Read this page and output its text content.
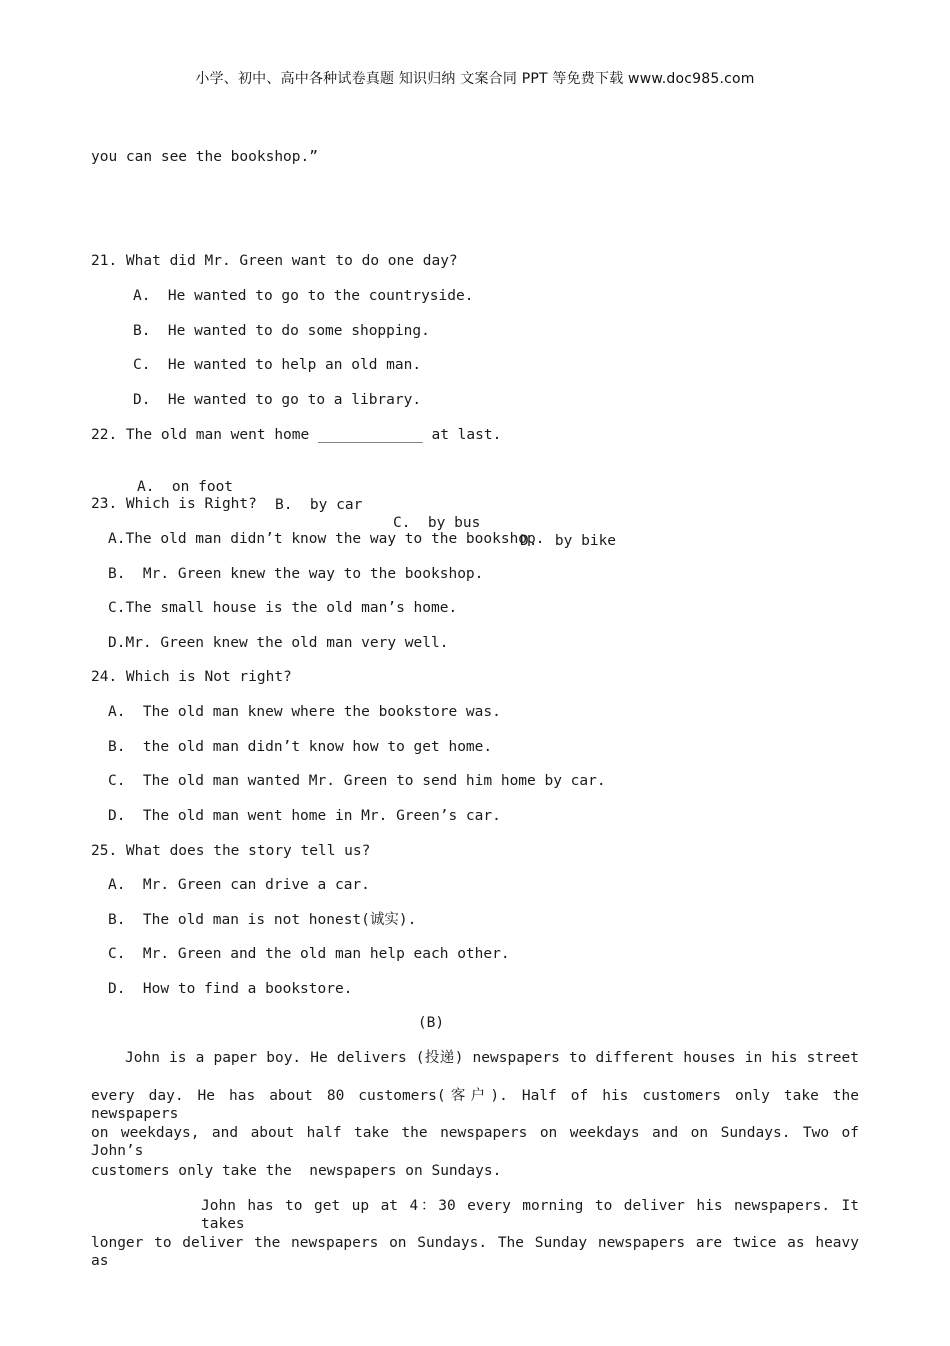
小学、初中、高中各种试卷真题 知识归纳 文案合同 PPT 等免费下载 www.doc985.com
you can see the bookshop.”
21. What did Mr. Green want to do one day?
A.  He wanted to go to the countryside.
B.  He wanted to do some shopping.
C.  He wanted to help an old man.
D.  He wanted to go to a library.
22. The old man went home ____________ at last.

A.  on foot

B.  by car

C.  by bus

D.  by bike

23. Which is Right?
A.The old man didn’t know the way to the bookshop.
B.  Mr. Green knew the way to the bookshop.
C.The small house is the old man’s home.
D.Mr. Green knew the old man very well.
24. Which is Not right?
A.  The old man knew where the bookstore was.
B.  the old man didn’t know how to get home.
C.  The old man wanted Mr. Green to send him home by car.
D.  The old man went home in Mr. Green’s car.
25. What does the story tell us?
A.  Mr. Green can drive a car.
B.  The old man is not honest(诚实).
C.  Mr. Green and the old man help each other.
D.  How to find a bookstore.
(B)
John is a paper boy. He delivers (投递) newspapers to different houses in his street
every day. He has about 80 customers(客户). Half of his customers only take the newspapers
on weekdays, and about half take the newspapers on weekdays and on Sundays. Two of John’s
customers only take the  newspapers on Sundays.
John has to get up at 4：30 every morning to deliver his newspapers. It takes
longer to deliver the newspapers on Sundays. The Sunday newspapers are twice as heavy as
